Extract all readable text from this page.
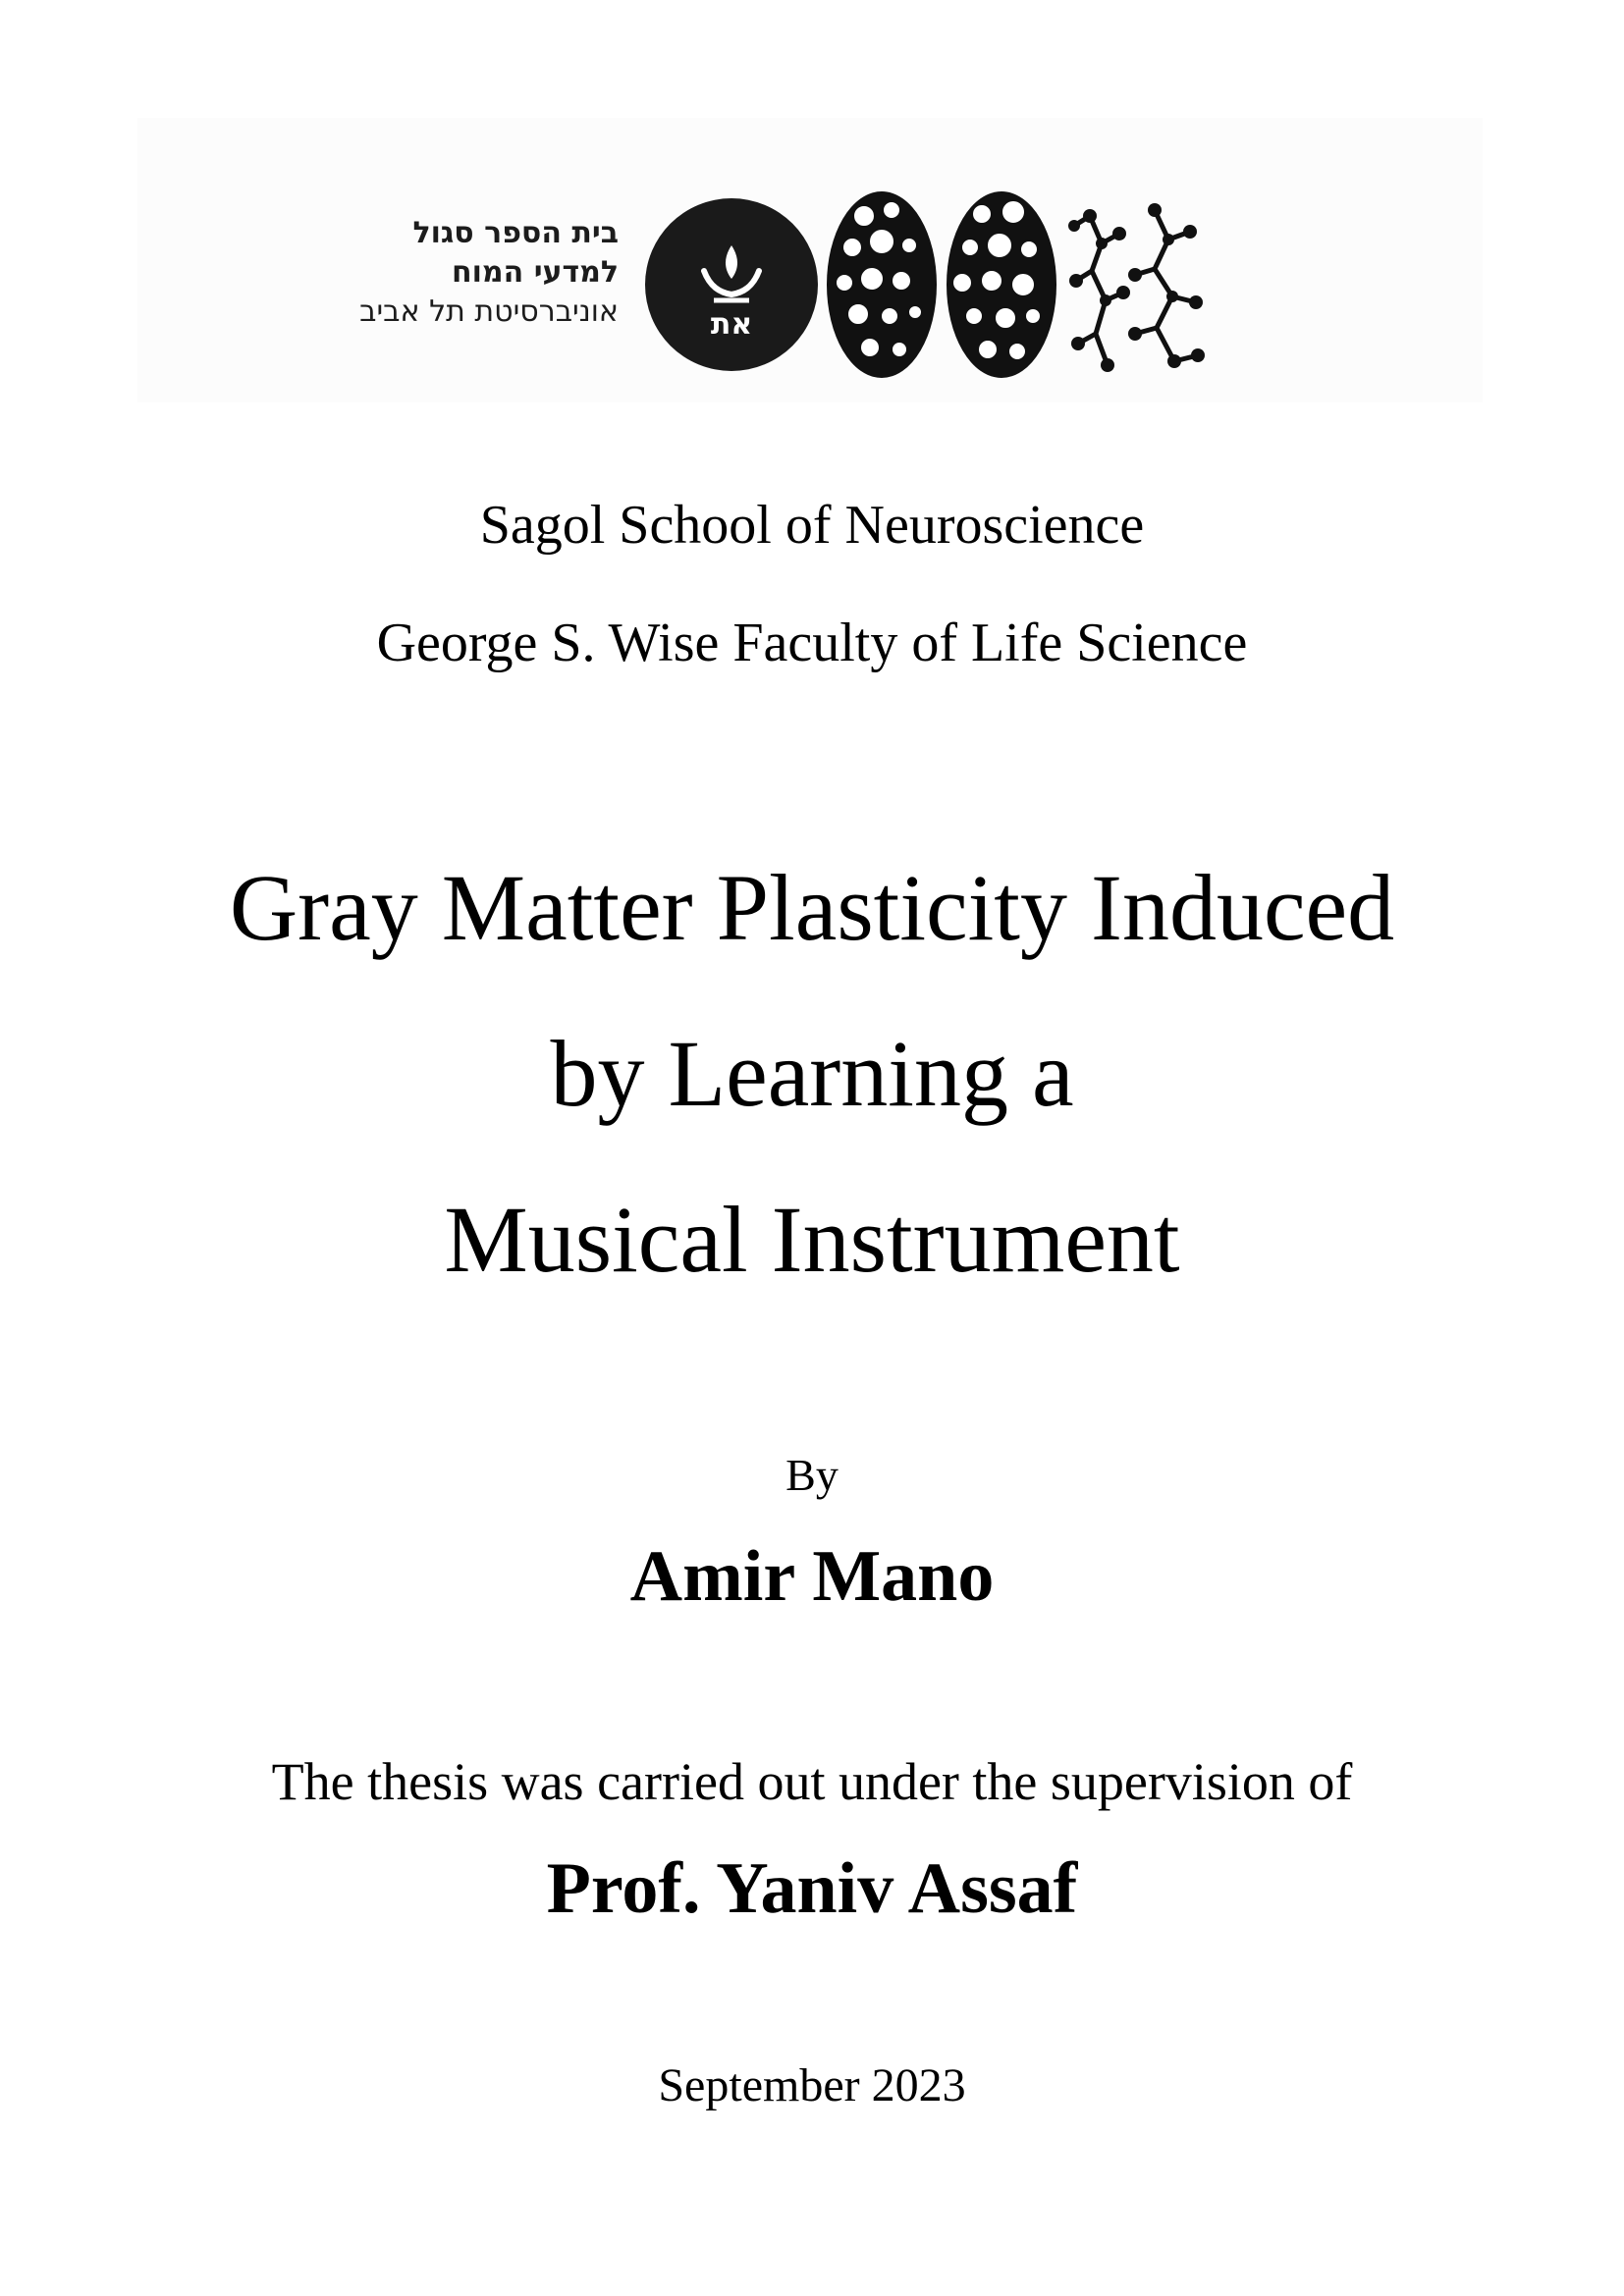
בית הספר סגול
למדעי המוח
אוניברסיטת תל אביב	את
Sagol School of Neuroscience
George S. Wise Faculty of Life Science
Gray Matter Plasticity Induced
by Learning a
Musical Instrument
By
Amir Mano
The thesis was carried out under the supervision of
Prof. Yaniv Assaf
September 2023
